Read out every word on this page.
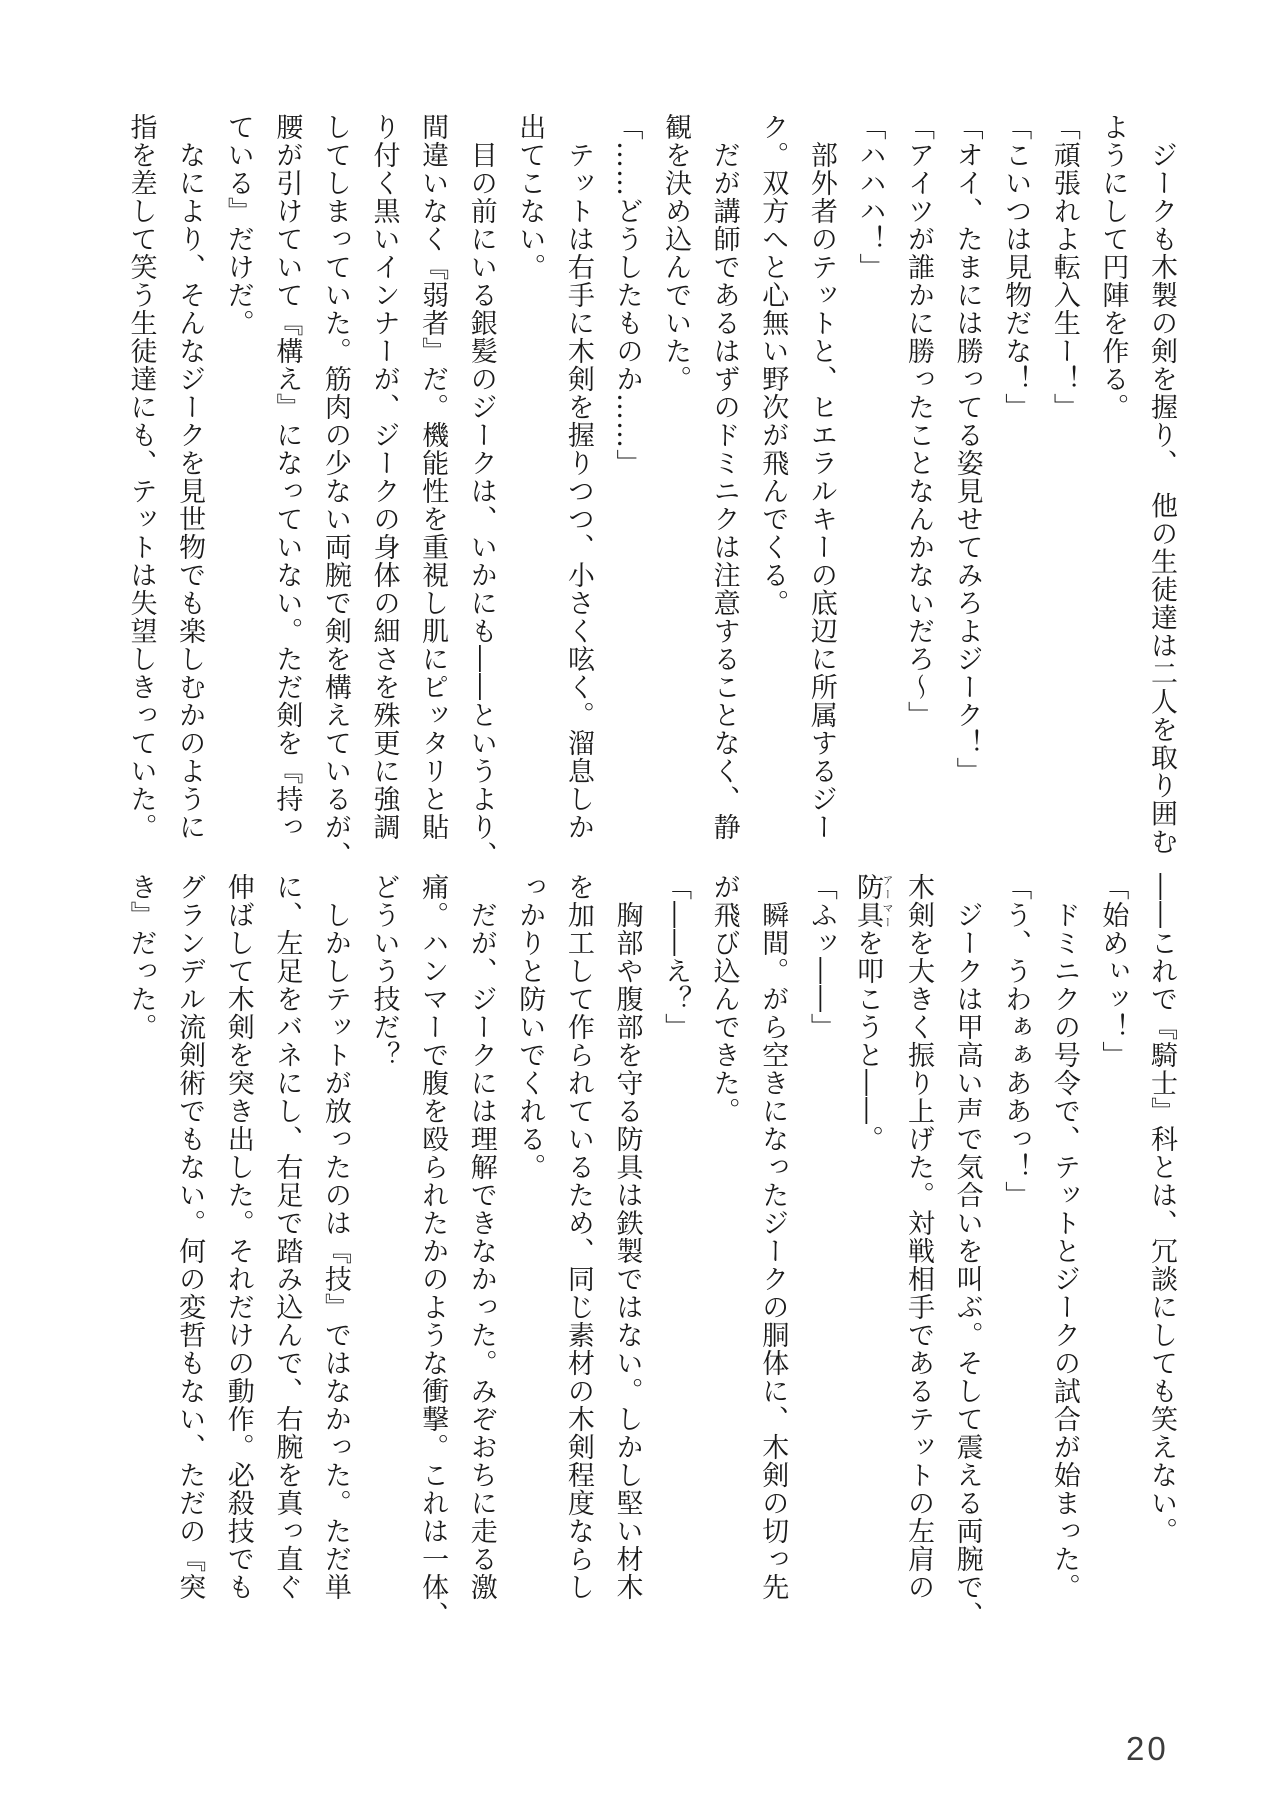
　ジークも木製の剣を握り、　他の生徒達は二人を取り囲む
ようにして円陣を作る。
「頑張れよ転入生ー！」
「こいつは見物だな！」
「オイ、たまには勝ってる姿見せてみろよジーク！」
「アイツが誰かに勝ったことなんかないだろ〜」
「ハハハ！」
　部外者のテットと、ヒエラルキーの底辺に所属するジー
ク。双方へと心無い野次が飛んでくる。
　だが講師であるはずのドミニクは注意することなく、静
観を決め込んでいた。
「……どうしたものか……」
　テットは右手に木剣を握りつつ、小さく呟く。溜息しか
出てこない。
　目の前にいる銀髪のジークは、いかにも――というより、
間違いなく『弱者』だ。機能性を重視し肌にピッタリと貼
り付く黒いインナーが、ジークの身体の細さを殊更に強調
してしまっていた。筋肉の少ない両腕で剣を構えているが、
腰が引けていて『構え』になっていない。ただ剣を『持っ
ている』だけだ。
　なにより、そんなジークを見世物でも楽しむかのように
指を差して笑う生徒達にも、テットは失望しきっていた。
――これで『騎士』科とは、冗談にしても笑えない。
「始めぃッ！」
　ドミニクの号令で、テットとジークの試合が始まった。
「う、うわぁぁああっ！」
　ジークは甲高い声で気合いを叫ぶ。そして震える両腕で、
木剣を大きく振り上げた。対戦相手であるテットの左肩の
防具アーマーを叩こうと――。
「ふッ――」
　瞬間。がら空きになったジークの胴体に、木剣の切っ先
が飛び込んできた。
「――え？」
　胸部や腹部を守る防具は鉄製ではない。しかし堅い材木
を加工して作られているため、同じ素材の木剣程度ならし
っかりと防いでくれる。
　だが、ジークには理解できなかった。みぞおちに走る激
痛。ハンマーで腹を殴られたかのような衝撃。これは一体、
どういう技だ？
　しかしテットが放ったのは『技』ではなかった。ただ単
に、左足をバネにし、右足で踏み込んで、右腕を真っ直ぐ
伸ばして木剣を突き出した。それだけの動作。必殺技でも
グランデル流剣術でもない。何の変哲もない、ただの『突
き』だった。
20
